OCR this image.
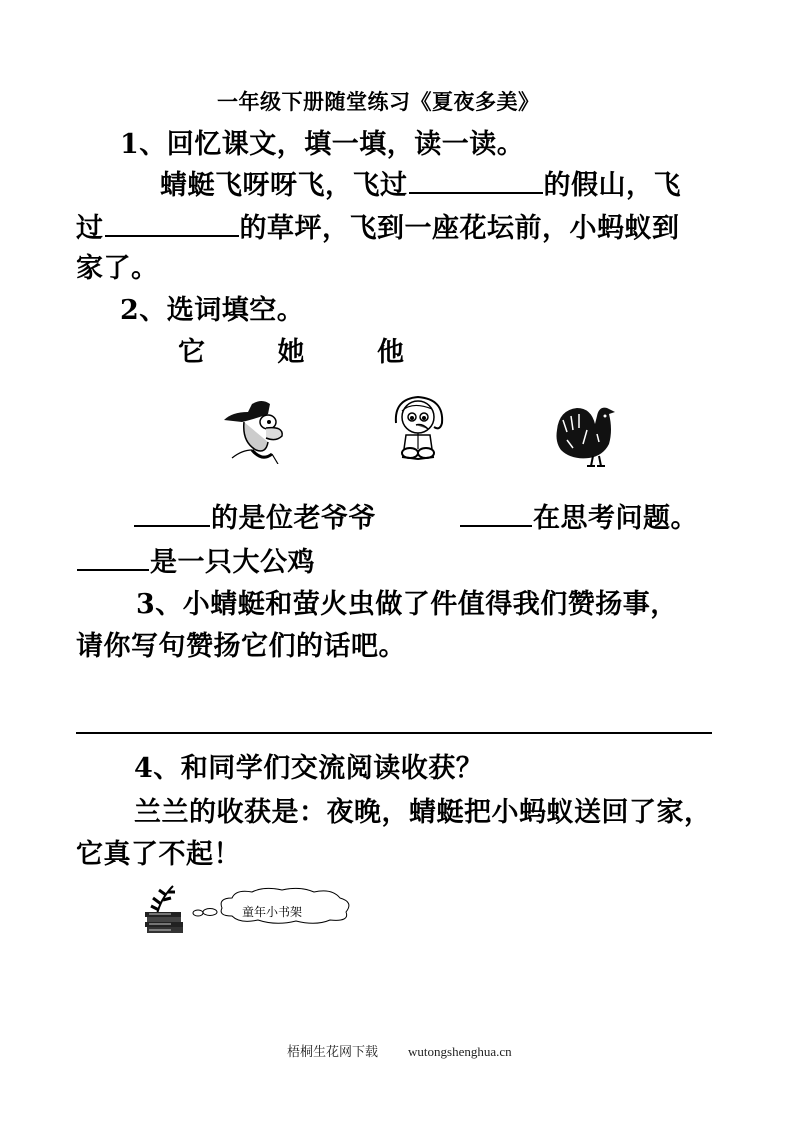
一年级下册随堂练习《夏夜多美》
1、回忆课文，填一填，读一读。
蜻蜓飞呀呀飞，飞过	的假山，飞
过	的草坪，飞到一座花坛前，小蚂蚁到
家了。
2、选词填空。
它	她	他
的是位老爷爷	在思考问题。
是一只大公鸡
3、小蜻蜓和萤火虫做了件值得我们赞扬事，
请你写句赞扬它们的话吧。
4、和同学们交流阅读收获？
兰兰的收获是：夜晚，蜻蜓把小蚂蚁送回了家，
它真了不起！
童年小书架
梧桐生花网下载 wutongshenghua.cn
